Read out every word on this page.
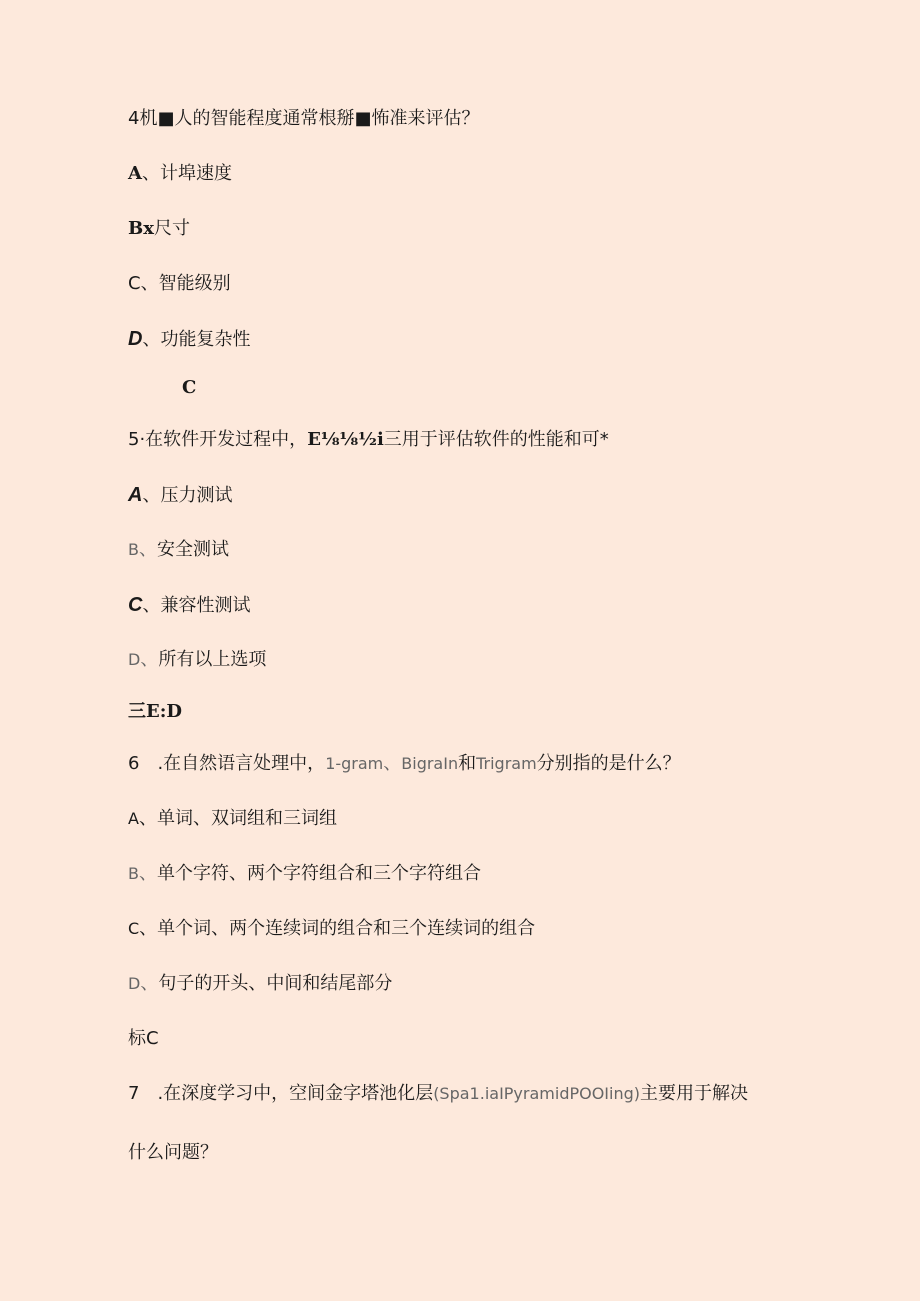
4机■人的智能程度通常根掰■怖准来评估？
A、计埠速度
Bx尺寸
C、智能级别
D、功能复杂性
C
5·在软件开发过程中，E⅛⅛½i三用于评估软件的性能和可*
A、压力测试
B、安全测试
C、兼容性测试
D、所有以上选项
三E:D
6 .在自然语言处理中，1-gram、BigraIn和Trigram分别指的是什么？
A、单词、双词组和三词组
B、单个字符、两个字符组合和三个字符组合
C、单个词、两个连续词的组合和三个连续词的组合
D、句子的开头、中间和结尾部分
标C
7 .在深度学习中，空间金字塔池化层(Spa1.iaIPyramidPOOIing)主要用于解决
什么问题？
